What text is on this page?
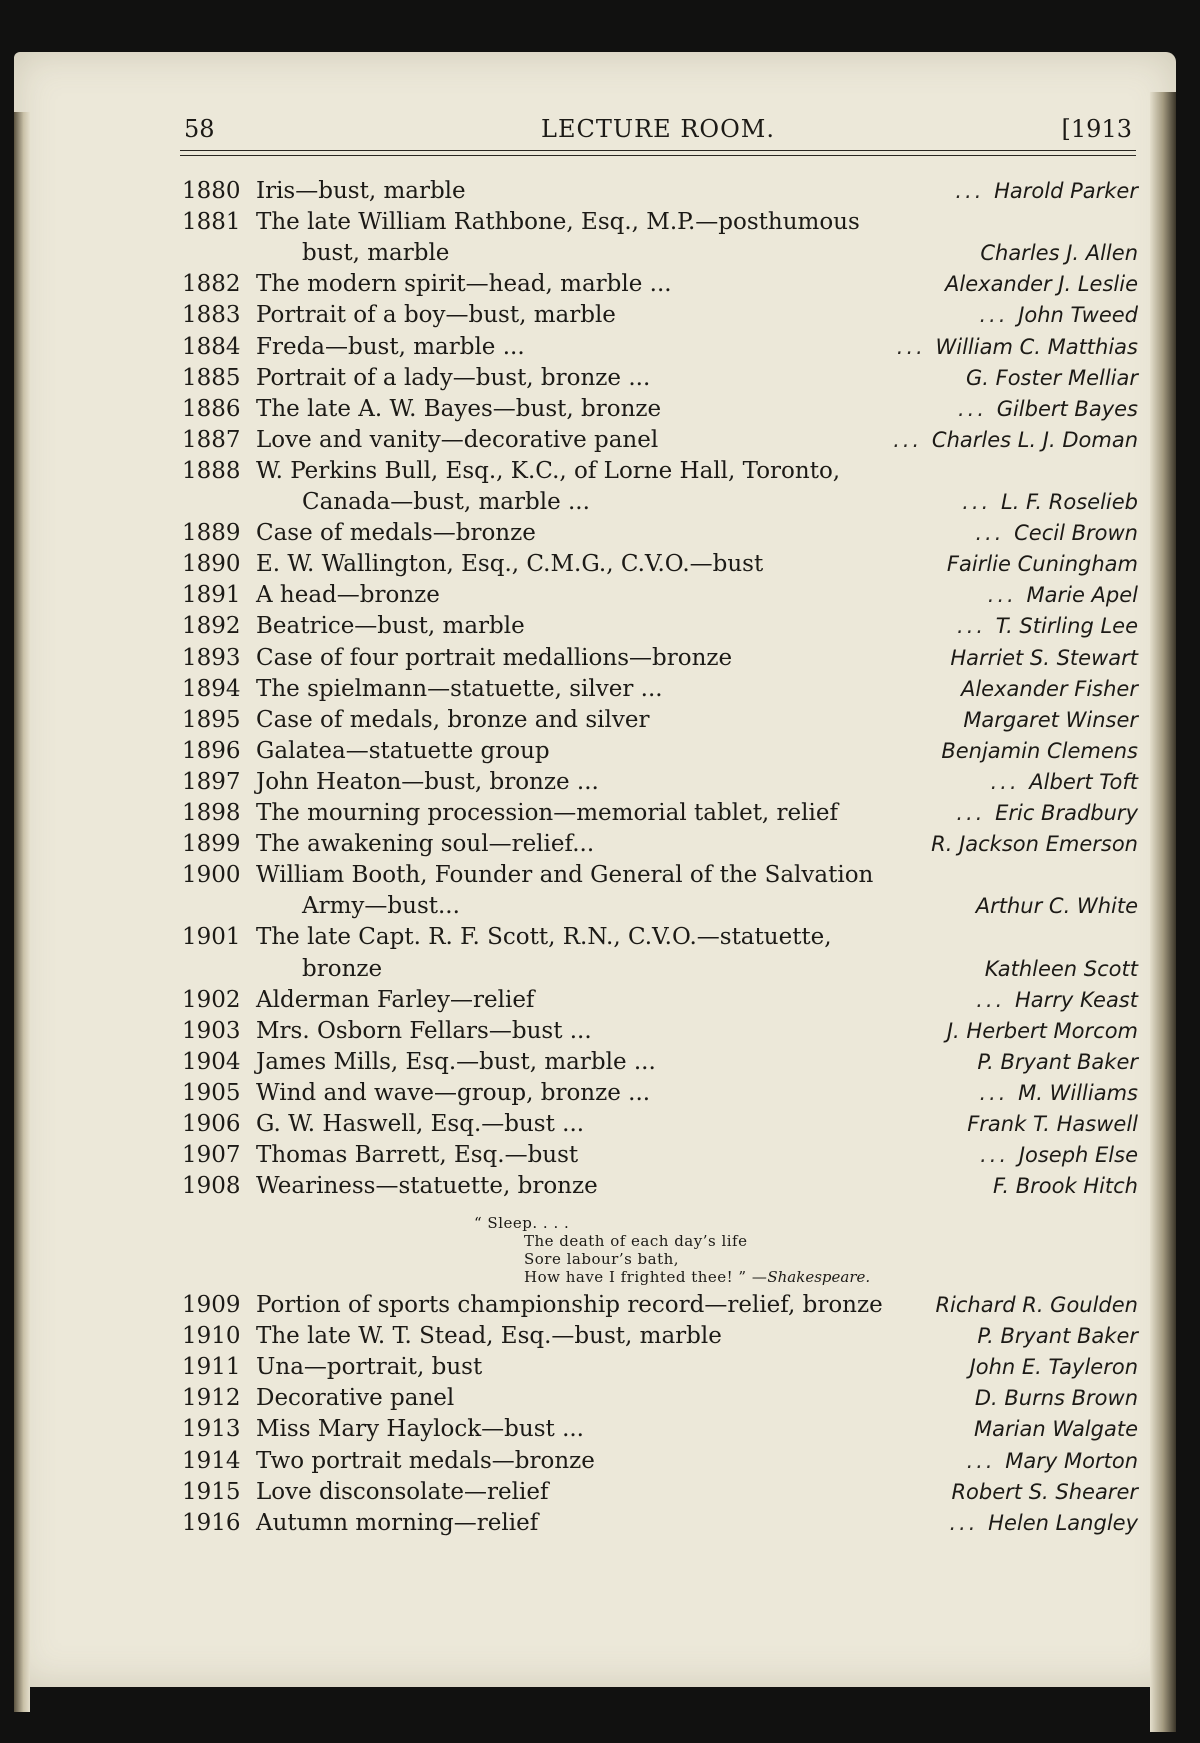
58	LECTURE ROOM.	[1913
1880 Iris—bust, marble	... Harold Parker
1881 The late William Rathbone, Esq., M.P.—posthumous
bust, marble	Charles J. Allen
1882 The modern spirit—head, marble ...	Alexander J. Leslie
1883 Portrait of a boy—bust, marble	... John Tweed
1884 Freda—bust, marble ...	... William C. Matthias
1885 Portrait of a lady—bust, bronze ...	G. Foster Melliar
1886 The late A. W. Bayes—bust, bronze	... Gilbert Bayes
1887 Love and vanity—decorative panel	... Charles L. J. Doman
1888 W. Perkins Bull, Esq., K.C., of Lorne Hall, Toronto,
Canada—bust, marble ...	... L. F. Roselieb
1889 Case of medals—bronze	... Cecil Brown
1890 E. W. Wallington, Esq., C.M.G., C.V.O.—bust	Fairlie Cuningham
1891 A head—bronze	... Marie Apel
1892 Beatrice—bust, marble	... T. Stirling Lee
1893 Case of four portrait medallions—bronze	Harriet S. Stewart
1894 The spielmann—statuette, silver ...	Alexander Fisher
1895 Case of medals, bronze and silver	Margaret Winser
1896 Galatea—statuette group	Benjamin Clemens
1897 John Heaton—bust, bronze ...	... Albert Toft
1898 The mourning procession—memorial tablet, relief	... Eric Bradbury
1899 The awakening soul—relief...	R. Jackson Emerson
1900 William Booth, Founder and General of the Salvation
Army—bust...	Arthur C. White
1901 The late Capt. R. F. Scott, R.N., C.V.O.—statuette,
bronze	Kathleen Scott
1902 Alderman Farley—relief	... Harry Keast
1903 Mrs. Osborn Fellars—bust ...	J. Herbert Morcom
1904 James Mills, Esq.—bust, marble ...	P. Bryant Baker
1905 Wind and wave—group, bronze ...	... M. Williams
1906 G. W. Haswell, Esq.—bust ...	Frank T. Haswell
1907 Thomas Barrett, Esq.—bust	... Joseph Else
1908 Weariness—statuette, bronze	F. Brook Hitch
1909 Portion of sports championship record—relief, bronze	Richard R. Goulden
1910 The late W. T. Stead, Esq.—bust, marble	P. Bryant Baker
1911 Una—portrait, bust	John E. Tayleron
1912 Decorative panel	D. Burns Brown
1913 Miss Mary Haylock—bust ...	Marian Walgate
1914 Two portrait medals—bronze	... Mary Morton
1915 Love disconsolate—relief	Robert S. Shearer
1916 Autumn morning—relief	... Helen Langley
“ Sleep. . . .
The death of each day’s life
Sore labour’s bath,
How have I frighted thee! ” —Shakespeare.
